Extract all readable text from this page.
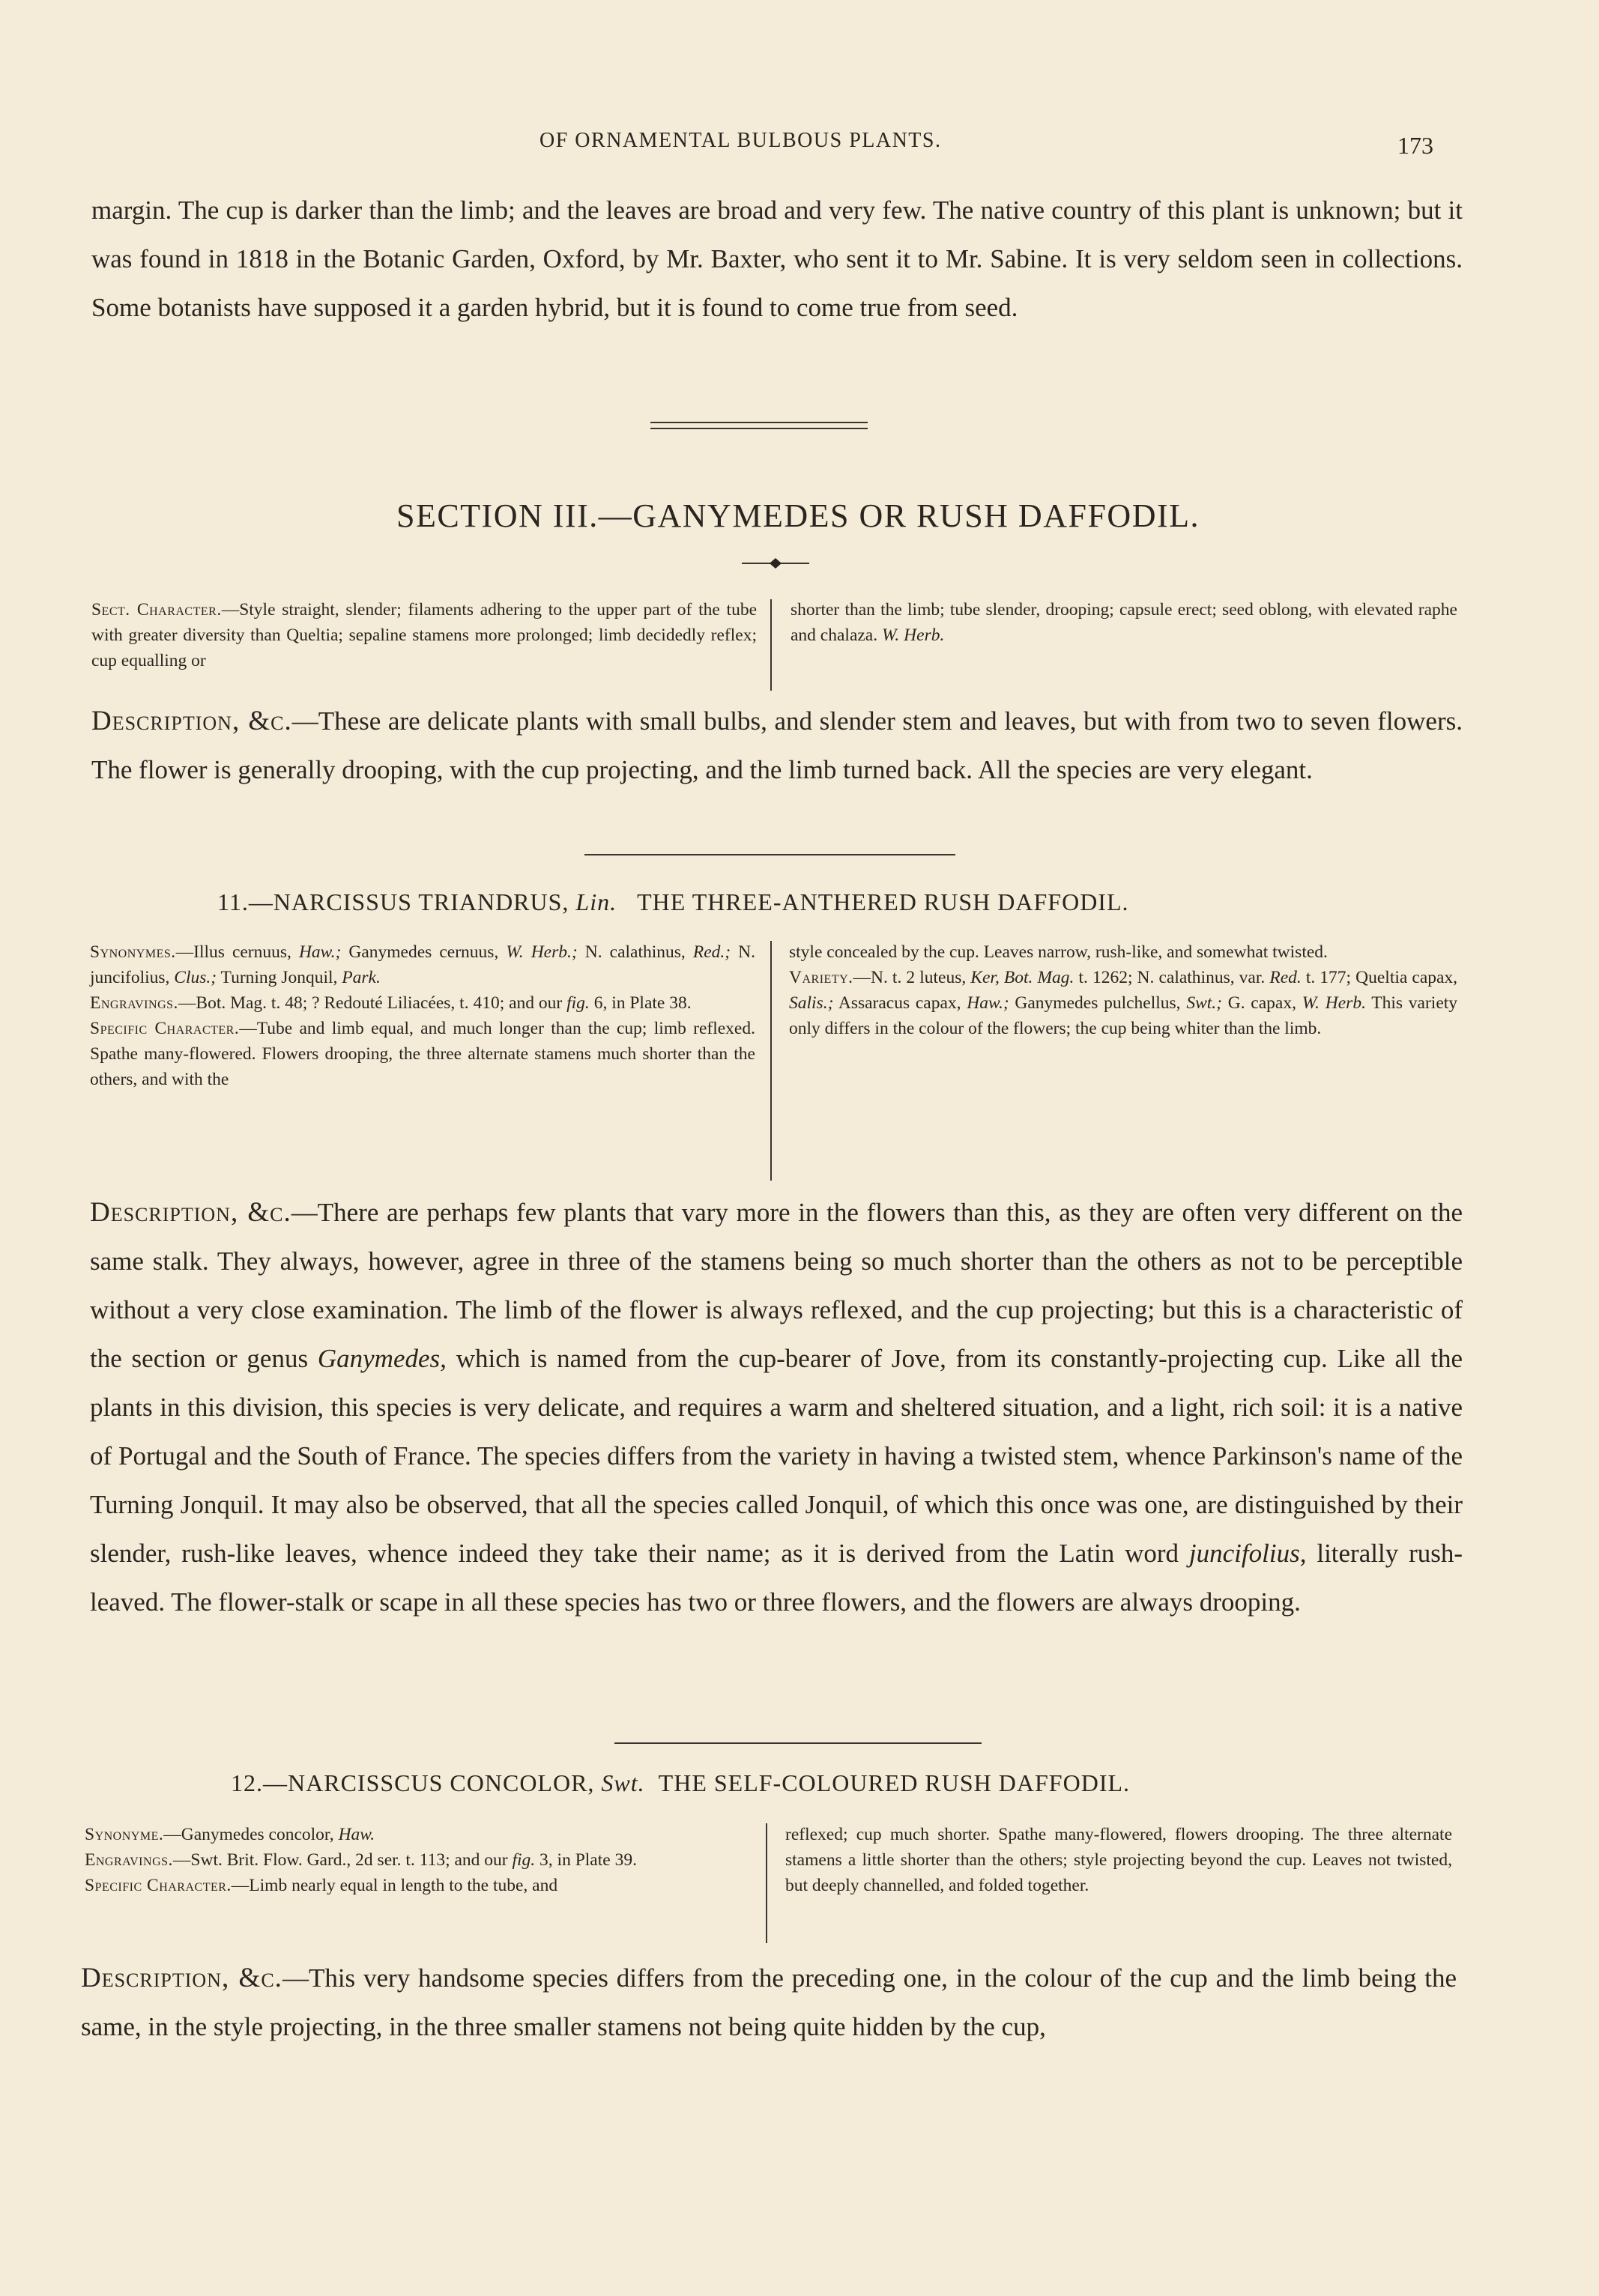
OF ORNAMENTAL BULBOUS PLANTS.	173
margin. The cup is darker than the limb; and the leaves are broad and very few. The native country of this plant is unknown; but it was found in 1818 in the Botanic Garden, Oxford, by Mr. Baxter, who sent it to Mr. Sabine. It is very seldom seen in collections. Some botanists have supposed it a garden hybrid, but it is found to come true from seed.
SECTION III.—GANYMEDES OR RUSH DAFFODIL.

Sect. Character.—Style straight, slender; filaments adhering to the upper part of the tube with greater diversity than Queltia; sepaline stamens more prolonged; limb decidedly reflex; cup equalling or

shorter than the limb; tube slender, drooping; capsule erect; seed oblong, with elevated raphe and chalaza. W. Herb.

Description, &c.—These are delicate plants with small bulbs, and slender stem and leaves, but with from two to seven flowers. The flower is generally drooping, with the cup projecting, and the limb turned back. All the species are very elegant.
11.—NARCISSUS TRIANDRUS, Lin. THE THREE-ANTHERED RUSH DAFFODIL.

Synonymes.—Illus cernuus, Haw.; Ganymedes cernuus, W. Herb.; N. calathinus, Red.; N. juncifolius, Clus.; Turning Jonquil, Park.

Engravings.—Bot. Mag. t. 48; ? Redouté Liliacées, t. 410; and our fig. 6, in Plate 38.

Specific Character.—Tube and limb equal, and much longer than the cup; limb reflexed. Spathe many-flowered. Flowers drooping, the three alternate stamens much shorter than the others, and with the

style concealed by the cup. Leaves narrow, rush-like, and somewhat twisted.

Variety.—N. t. 2 luteus, Ker, Bot. Mag. t. 1262; N. calathinus, var. Red. t. 177; Queltia capax, Salis.; Assaracus capax, Haw.; Ganymedes pulchellus, Swt.; G. capax, W. Herb. This variety only differs in the colour of the flowers; the cup being whiter than the limb.

Description, &c.—There are perhaps few plants that vary more in the flowers than this, as they are often very different on the same stalk. They always, however, agree in three of the stamens being so much shorter than the others as not to be perceptible without a very close examination. The limb of the flower is always reflexed, and the cup projecting; but this is a characteristic of the section or genus Ganymedes, which is named from the cup-bearer of Jove, from its constantly-projecting cup. Like all the plants in this division, this species is very delicate, and requires a warm and sheltered situation, and a light, rich soil: it is a native of Portugal and the South of France. The species differs from the variety in having a twisted stem, whence Parkinson's name of the Turning Jonquil. It may also be observed, that all the species called Jonquil, of which this once was one, are distinguished by their slender, rush-like leaves, whence indeed they take their name; as it is derived from the Latin word juncifolius, literally rush-leaved. The flower-stalk or scape in all these species has two or three flowers, and the flowers are always drooping.
12.—NARCISSCUS CONCOLOR, Swt. THE SELF-COLOURED RUSH DAFFODIL.

Synonyme.—Ganymedes concolor, Haw.

Engravings.—Swt. Brit. Flow. Gard., 2d ser. t. 113; and our fig. 3, in Plate 39.

Specific Character.—Limb nearly equal in length to the tube, and

reflexed; cup much shorter. Spathe many-flowered, flowers drooping. The three alternate stamens a little shorter than the others; style projecting beyond the cup. Leaves not twisted, but deeply channelled, and folded together.

Description, &c.—This very handsome species differs from the preceding one, in the colour of the cup and the limb being the same, in the style projecting, in the three smaller stamens not being quite hidden by the cup,
